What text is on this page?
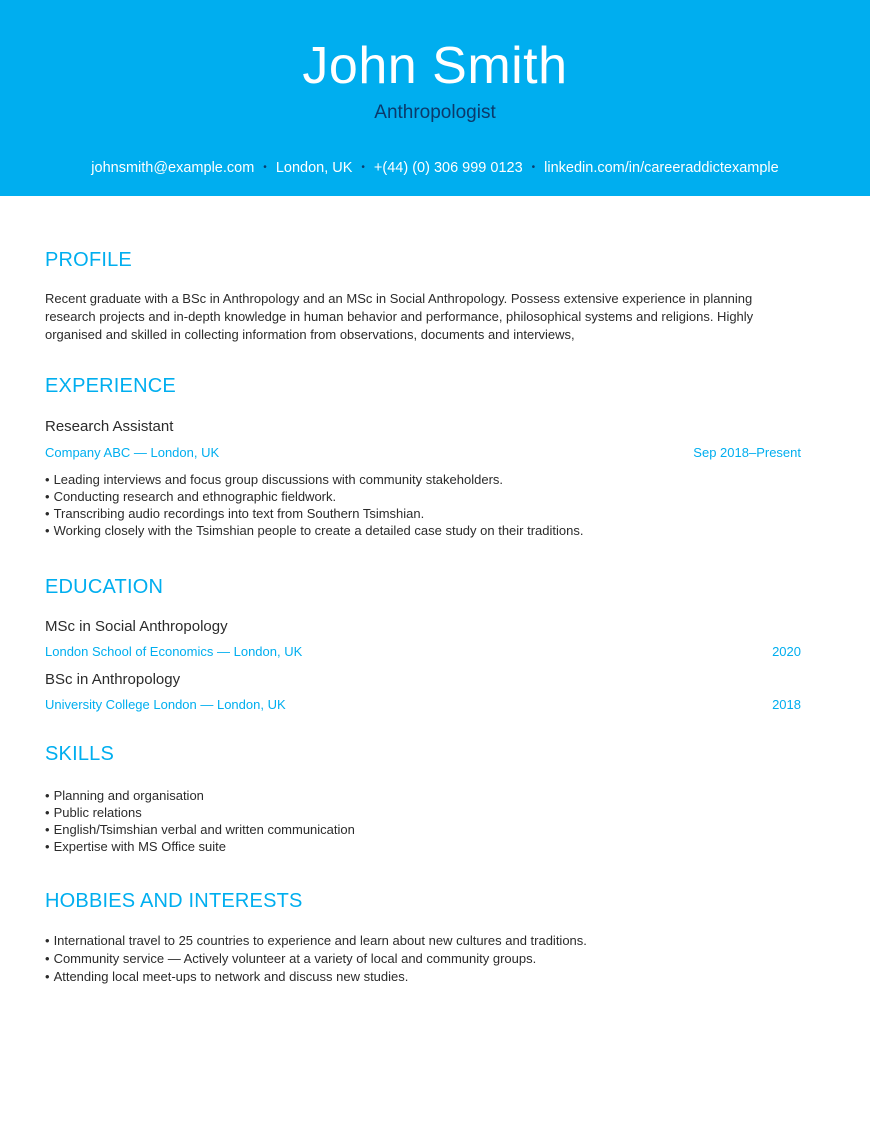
John Smith
Anthropologist
johnsmith@example.com • London, UK • +(44) (0) 306 999 0123 • linkedin.com/in/careeraddictexample
PROFILE
Recent graduate with a BSc in Anthropology and an MSc in Social Anthropology. Possess extensive experience in planning research projects and in-depth knowledge in human behavior and performance, philosophical systems and religions. Highly organised and skilled in collecting information from observations, documents and interviews,
EXPERIENCE
Research Assistant
Company ABC — London, UK	Sep 2018–Present
• Leading interviews and focus group discussions with community stakeholders.
• Conducting research and ethnographic fieldwork.
• Transcribing audio recordings into text from Southern Tsimshian.
• Working closely with the Tsimshian people to create a detailed case study on their traditions.
EDUCATION
MSc in Social Anthropology
London School of Economics — London, UK	2020
BSc in Anthropology
University College London — London, UK	2018
SKILLS
• Planning and organisation
• Public relations
• English/Tsimshian verbal and written communication
• Expertise with MS Office suite
HOBBIES AND INTERESTS
• International travel to 25 countries to experience and learn about new cultures and traditions.
• Community service — Actively volunteer at a variety of local and community groups.
• Attending local meet-ups to network and discuss new studies.
